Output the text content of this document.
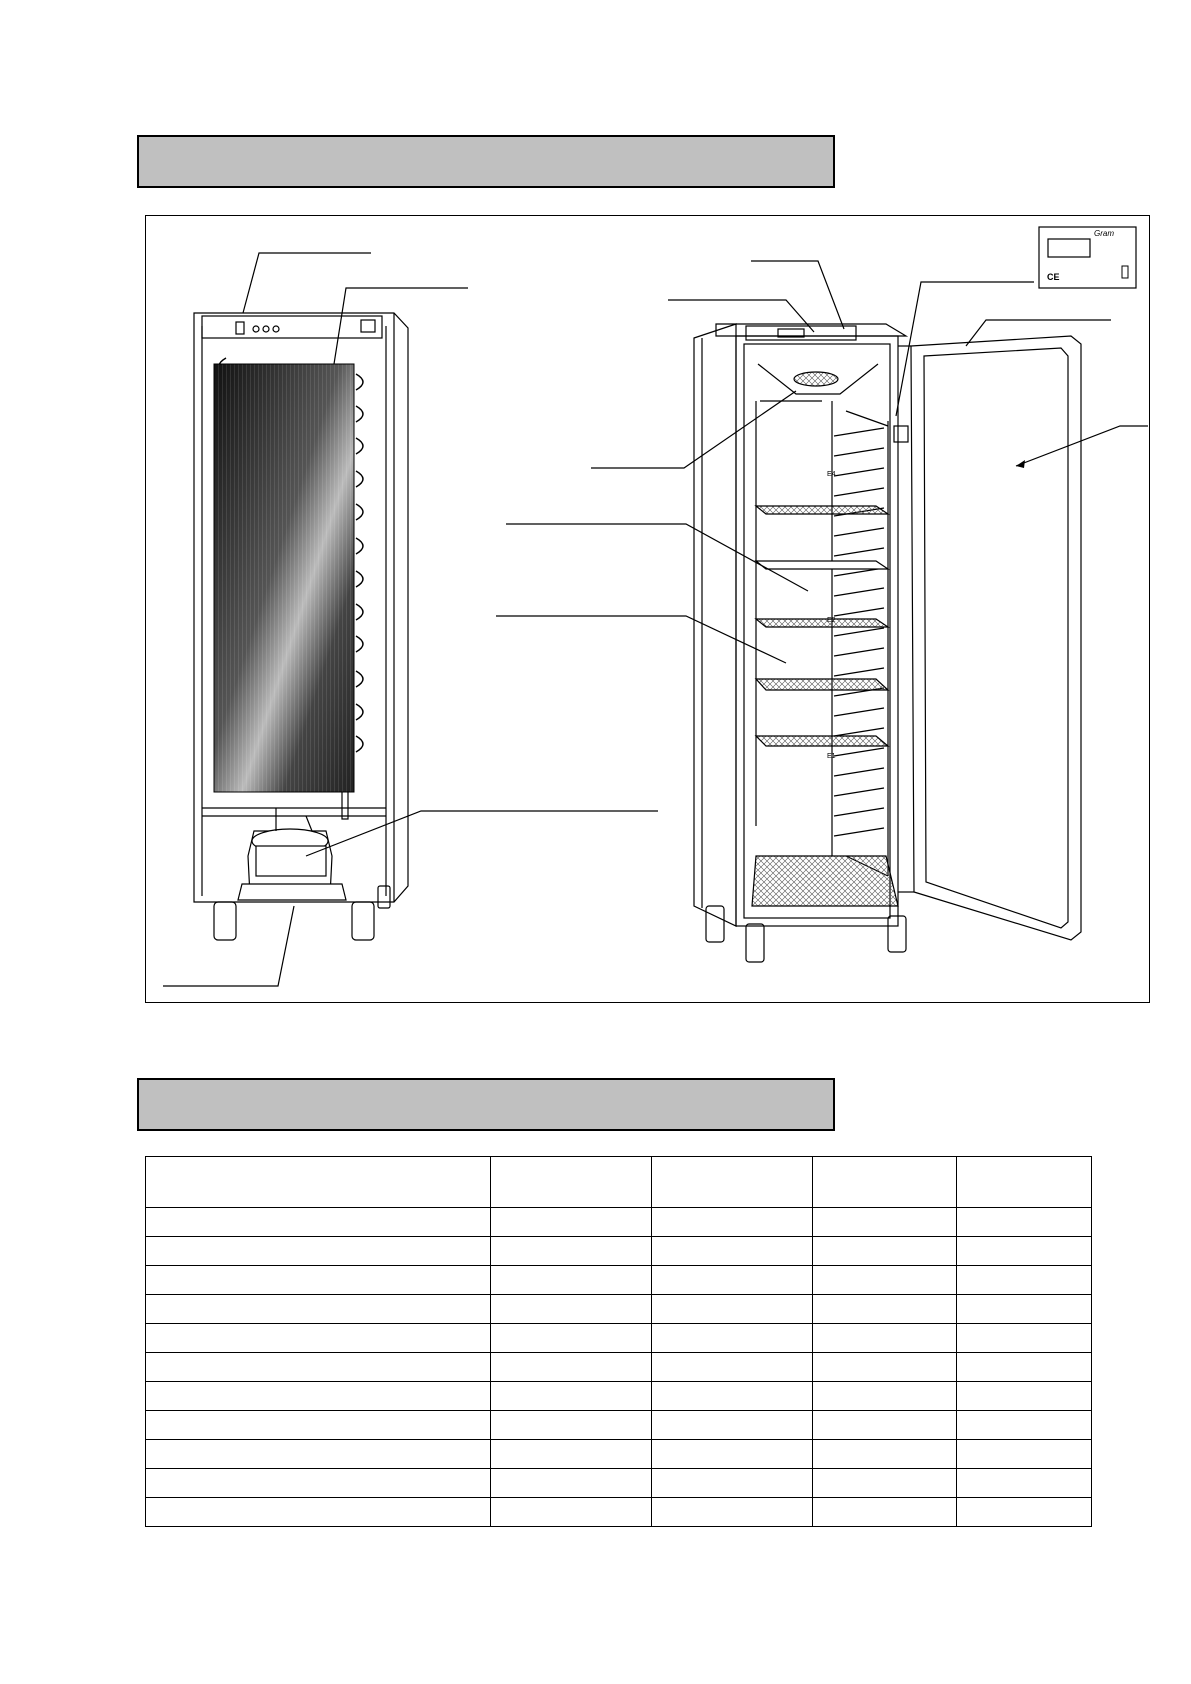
E4
E2
E1
Gram
CE
